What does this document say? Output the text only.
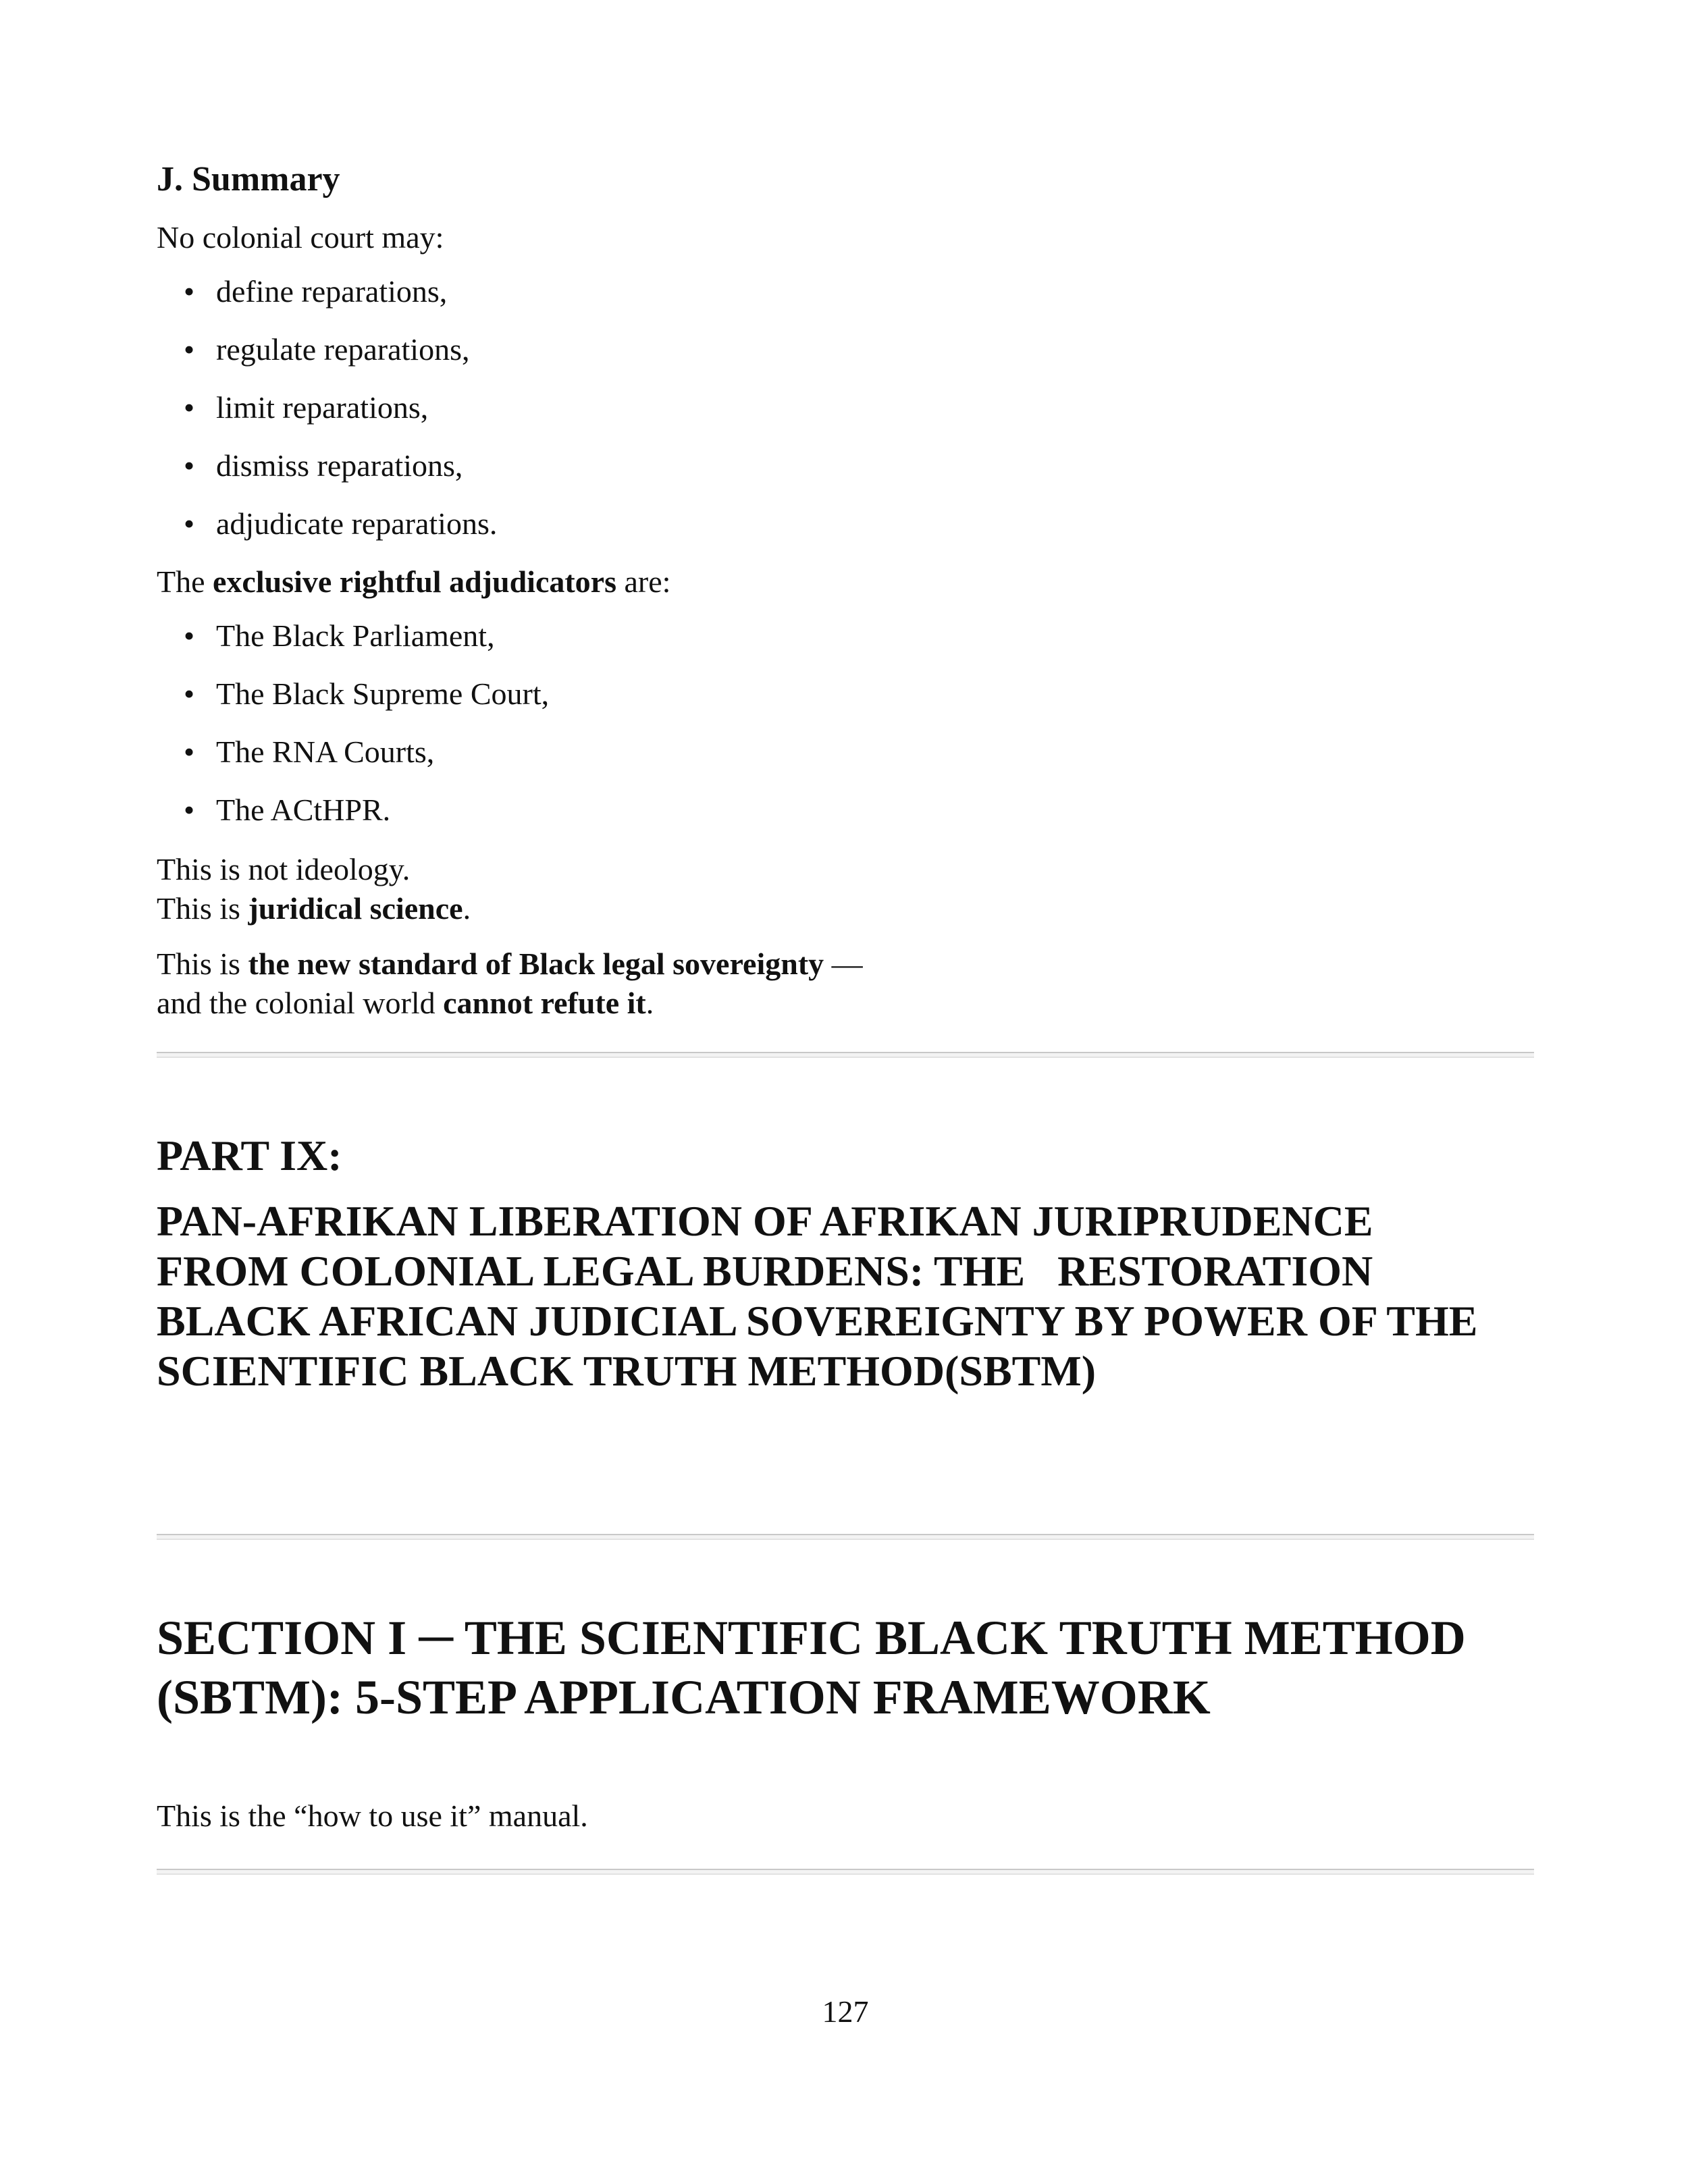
J. Summary

No colonial court may:

• define reparations,
• regulate reparations,
• limit reparations,
• dismiss reparations,
• adjudicate reparations.

The exclusive rightful adjudicators are:

• The Black Parliament,
• The Black Supreme Court,
• The RNA Courts,
• The ACtHPR.

This is not ideology.

This is juridical science.

This is the new standard of Black legal sovereignty —

and the colonial world cannot refute it.

PART IX:
PAN-AFRIKAN LIBERATION OF AFRIKAN JURIPRUDENCE
FROM COLONIAL LEGAL BURDENS: THE   RESTORATION
BLACK AFRICAN JUDICIAL SOVEREIGNTY BY POWER OF THE
SCIENTIFIC BLACK TRUTH METHOD(SBTM)
SECTION I ─ THE SCIENTIFIC BLACK TRUTH METHOD
(SBTM): 5-STEP APPLICATION FRAMEWORK

This is the “how to use it” manual.

127
